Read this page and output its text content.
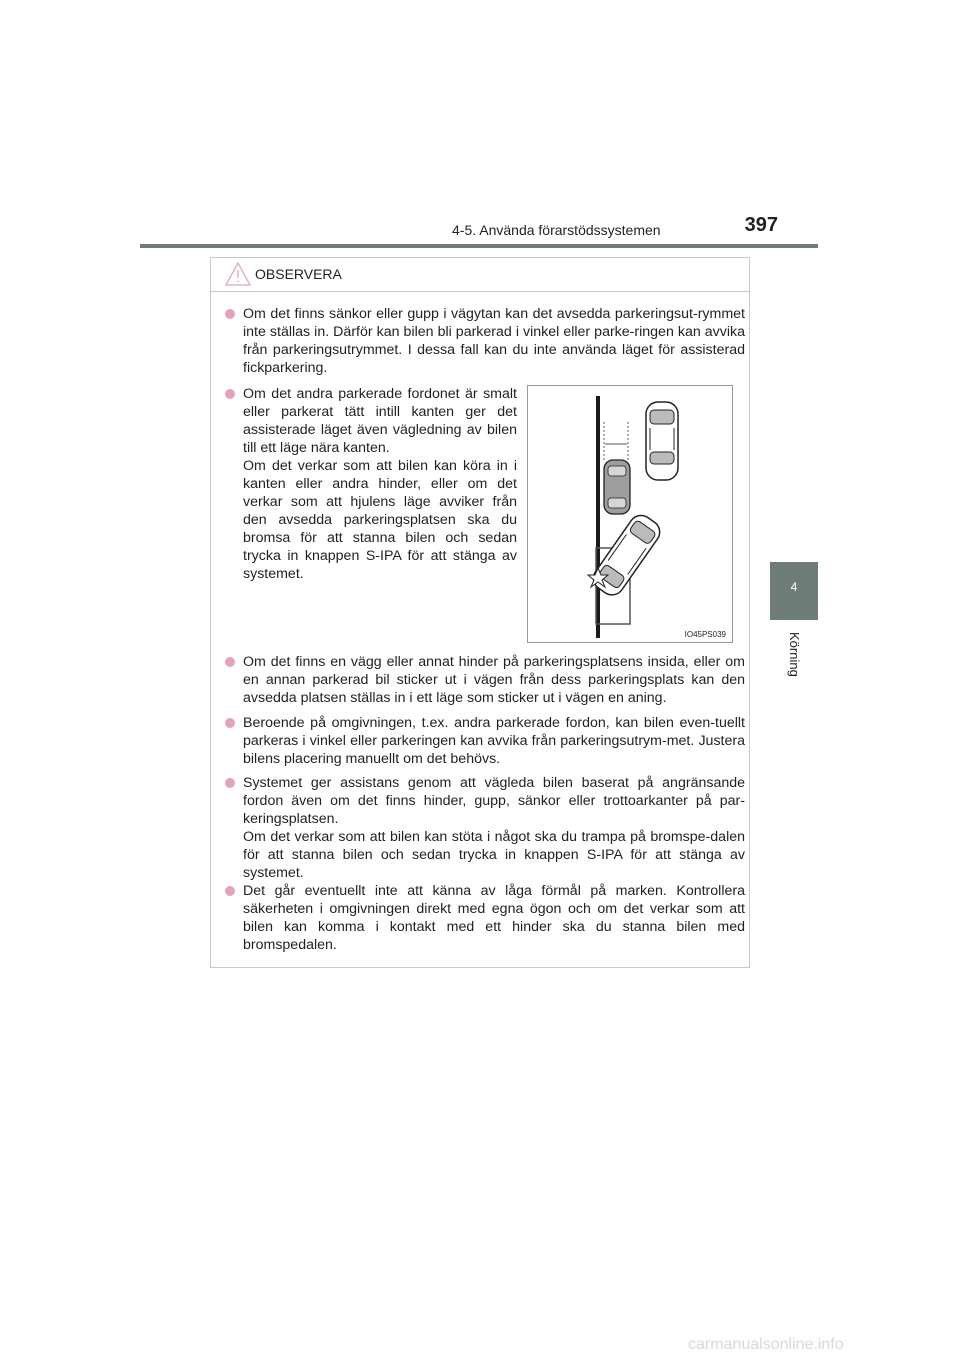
4-5. Använda förarstödssystemen	397
4
Körning
OBSERVERA
Om det finns sänkor eller gupp i vägytan kan det avsedda parkeringsut-rymmet inte ställas in. Därför kan bilen bli parkerad i vinkel eller parke-ringen kan avvika från parkeringsutrymmet. I dessa fall kan du inte använda läget för assisterad fickparkering.
Om det andra parkerade fordonet är smalt eller parkerat tätt intill kanten ger det assisterade läget även vägledning av bilen till ett läge nära kanten.
Om det verkar som att bilen kan köra in i kanten eller andra hinder, eller om det verkar som att hjulens läge avviker från den avsedda parkeringsplatsen ska du bromsa för att stanna bilen och sedan trycka in knappen S-IPA för att stänga av systemet.
IO45PS039
Om det finns en vägg eller annat hinder på parkeringsplatsens insida, eller om en annan parkerad bil sticker ut i vägen från dess parkeringsplats kan den avsedda platsen ställas in i ett läge som sticker ut i vägen en aning.
Beroende på omgivningen, t.ex. andra parkerade fordon, kan bilen even-tuellt parkeras i vinkel eller parkeringen kan avvika från parkeringsutrym-met. Justera bilens placering manuellt om det behövs.
Systemet ger assistans genom att vägleda bilen baserat på angränsande fordon även om det finns hinder, gupp, sänkor eller trottoarkanter på par-keringsplatsen.
Om det verkar som att bilen kan stöta i något ska du trampa på bromspe-dalen för att stanna bilen och sedan trycka in knappen S-IPA för att stänga av systemet.
Det går eventuellt inte att känna av låga förmål på marken. Kontrollera säkerheten i omgivningen direkt med egna ögon och om det verkar som att bilen kan komma i kontakt med ett hinder ska du stanna bilen med bromspedalen.
carmanualsonline.info
